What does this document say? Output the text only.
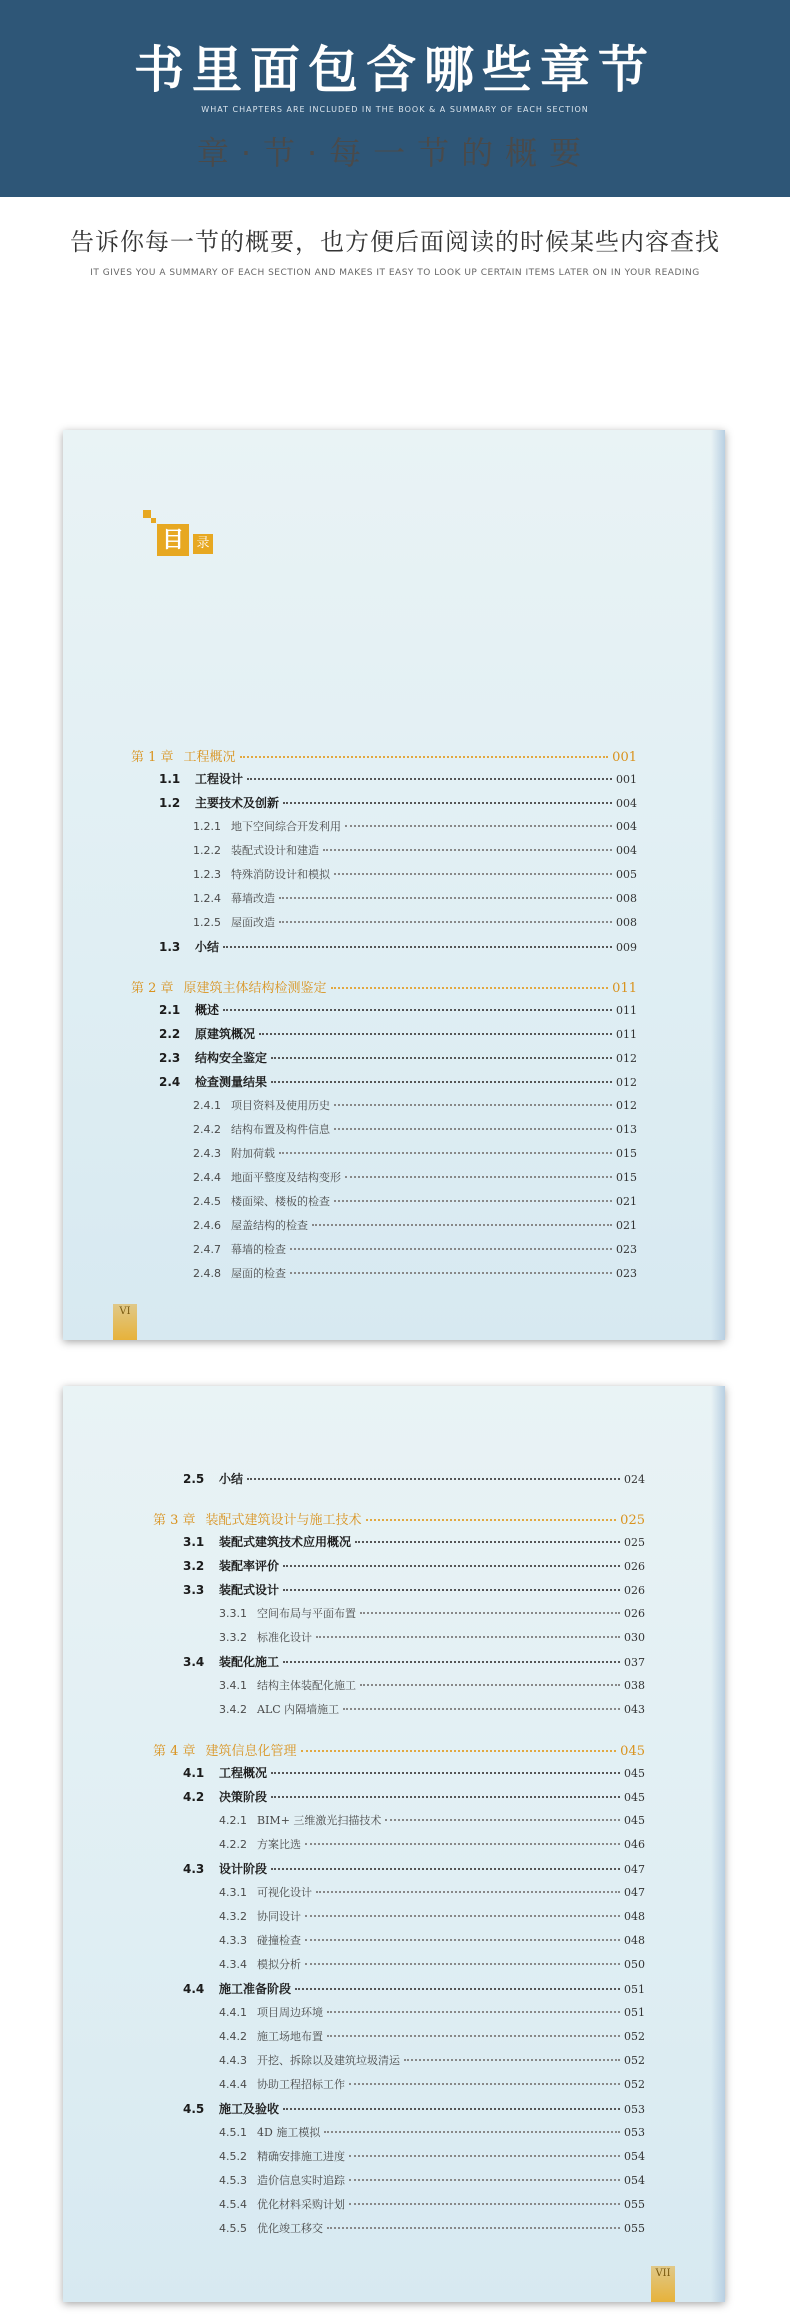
书里面包含哪些章节
WHAT CHAPTERS ARE INCLUDED IN THE BOOK & A SUMMARY OF EACH SECTION
章·节·每一节的概要
告诉你每一节的概要，也方便后面阅读的时候某些内容查找
IT GIVES YOU A SUMMARY OF EACH SECTION AND MAKES IT EASY TO LOOK UP CERTAIN ITEMS LATER ON IN YOUR READING
目 录
第 1 章 工程概况	001
1.1	工程设计	001
1.2	主要技术及创新	004
1.2.1 地下空间综合开发利用	004
1.2.2 装配式设计和建造	004
1.2.3 特殊消防设计和模拟	005
1.2.4 幕墙改造	008
1.2.5 屋面改造	008
1.3	小结	009
第 2 章 原建筑主体结构检测鉴定	011
2.1	概述	011
2.2	原建筑概况	011
2.3	结构安全鉴定	012
2.4	检查测量结果	012
2.4.1 项目资料及使用历史	012
2.4.2 结构布置及构件信息	013
2.4.3 附加荷载	015
2.4.4 地面平整度及结构变形	015
2.4.5 楼面梁、楼板的检查	021
2.4.6 屋盖结构的检查	021
2.4.7 幕墙的检查	023
2.4.8 屋面的检查	023
VI
2.5	小结	024
第 3 章 装配式建筑设计与施工技术	025
3.1	装配式建筑技术应用概况	025
3.2	装配率评价	026
3.3	装配式设计	026
3.3.1 空间布局与平面布置	026
3.3.2 标准化设计	030
3.4	装配化施工	037
3.4.1 结构主体装配化施工	038
3.4.2 ALC 内隔墙施工	043
第 4 章 建筑信息化管理	045
4.1	工程概况	045
4.2	决策阶段	045
4.2.1 BIM+ 三维激光扫描技术	045
4.2.2 方案比选	046
4.3	设计阶段	047
4.3.1 可视化设计	047
4.3.2 协同设计	048
4.3.3 碰撞检查	048
4.3.4 模拟分析	050
4.4	施工准备阶段	051
4.4.1 项目周边环境	051
4.4.2 施工场地布置	052
4.4.3 开挖、拆除以及建筑垃圾清运	052
4.4.4 协助工程招标工作	052
4.5	施工及验收	053
4.5.1 4D 施工模拟	053
4.5.2 精确安排施工进度	054
4.5.3 造价信息实时追踪	054
4.5.4 优化材料采购计划	055
4.5.5 优化竣工移交	055
VII
